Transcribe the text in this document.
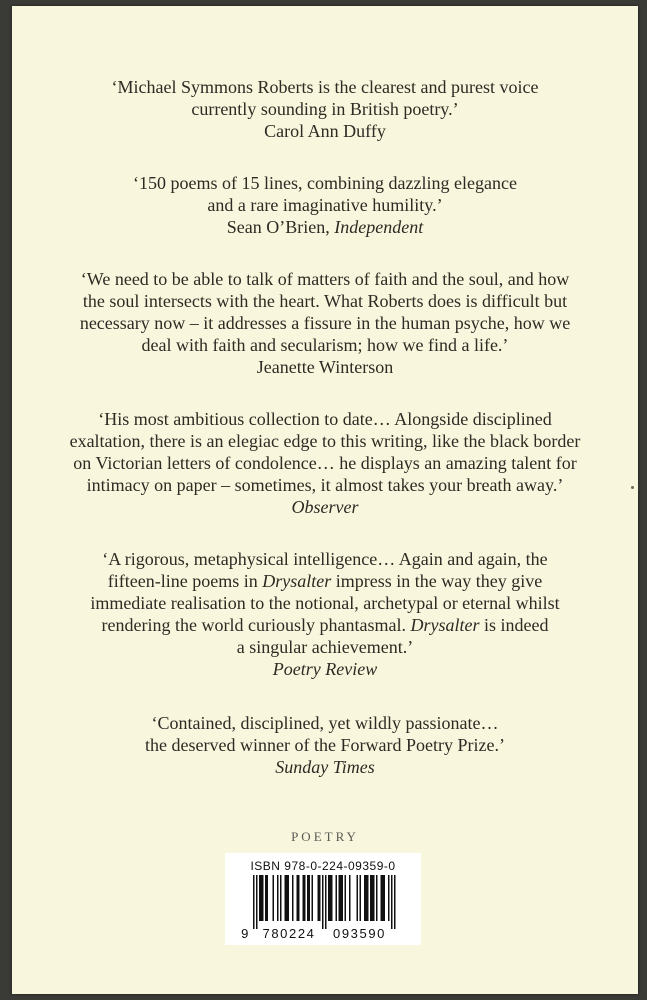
‘Michael Symmons Roberts is the clearest and purest voice
currently sounding in British poetry.’
Carol Ann Duffy
‘150 poems of 15 lines, combining dazzling elegance
and a rare imaginative humility.’
Sean O’Brien, Independent
‘We need to be able to talk of matters of faith and the soul, and how
the soul intersects with the heart. What Roberts does is difficult but
necessary now – it addresses a fissure in the human psyche, how we
deal with faith and secularism; how we find a life.’
Jeanette Winterson
‘His most ambitious collection to date… Alongside disciplined
exaltation, there is an elegiac edge to this writing, like the black border
on Victorian letters of condolence… he displays an amazing talent for
intimacy on paper – sometimes, it almost takes your breath away.’
Observer
‘A rigorous, metaphysical intelligence… Again and again, the
fifteen-line poems in Drysalter impress in the way they give
immediate realisation to the notional, archetypal or eternal whilst
rendering the world curiously phantasmal. Drysalter is indeed
a singular achievement.’
Poetry Review
‘Contained, disciplined, yet wildly passionate…
the deserved winner of the Forward Poetry Prize.’
Sunday Times
POETRY
ISBN 978-0-224-09359-0
9 780224 093590
